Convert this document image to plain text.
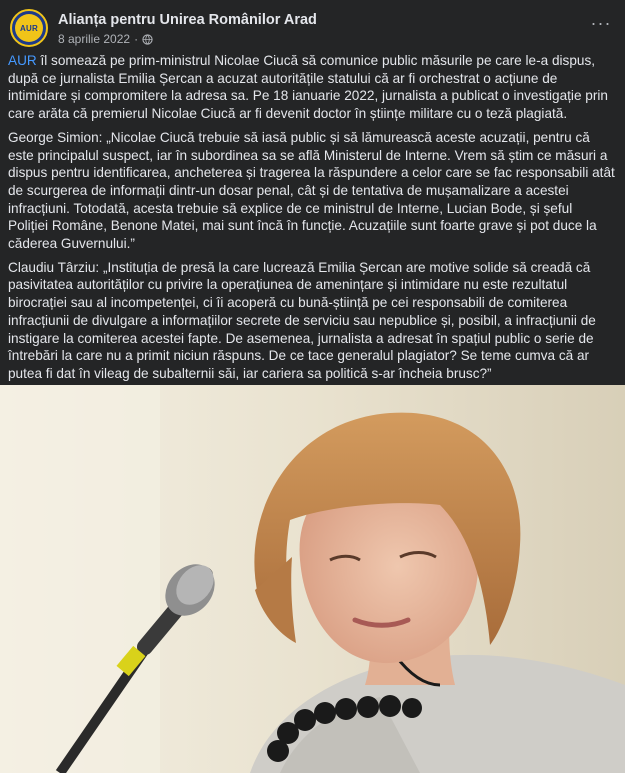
AUR	Alianța pentru Unirea Românilor Arad
8 aprilie 2022 ·
···

AUR îl somează pe prim-ministrul Nicolae Ciucă să comunice public măsurile pe care le-a dispus, după ce jurnalista Emilia Șercan a acuzat autoritățile statului că ar fi orchestrat o acțiune de intimidare și compromitere la adresa sa. Pe 18 ianuarie 2022, jurnalista a publicat o investigație prin care arăta că premierul Nicolae Ciucă ar fi devenit doctor în științe militare cu o teză plagiată.

George Simion: „Nicolae Ciucă trebuie să iasă public și să lămurească aceste acuzații, pentru că este principalul suspect, iar în subordinea sa se află Ministerul de Interne. Vrem să știm ce măsuri a dispus pentru identificarea, ancheterea și tragerea la răspundere a celor care se fac responsabili atât de scurgerea de informații dintr-un dosar penal, cât și de tentativa de mușamalizare a acestei infracțiuni. Totodată, acesta trebuie să explice de ce ministrul de Interne, Lucian Bode, și șeful Poliției Române, Benone Matei, mai sunt încă în funcție. Acuzațiile sunt foarte grave și pot duce la căderea Guvernului.”

Claudiu Târziu: „Instituția de presă la care lucrează Emilia Șercan are motive solide să creadă că pasivitatea autorităților cu privire la operațiunea de amenințare și intimidare nu este rezultatul birocrației sau al incompetenței, ci îi acoperă cu bună-știință pe cei responsabili de comiterea infracțiunii de divulgare a informațiilor secrete de serviciu sau nepublice și, posibil, a infracțiunii de instigare la comiterea acestei fapte. De asemenea, jurnalista a adresat în spațiul public o serie de întrebări la care nu a primit niciun răspuns. De ce tace generalul plagiator? Se teme cumva că ar putea fi dat în vileag de subalternii săi, iar cariera sa politică s-ar încheia brusc?”
